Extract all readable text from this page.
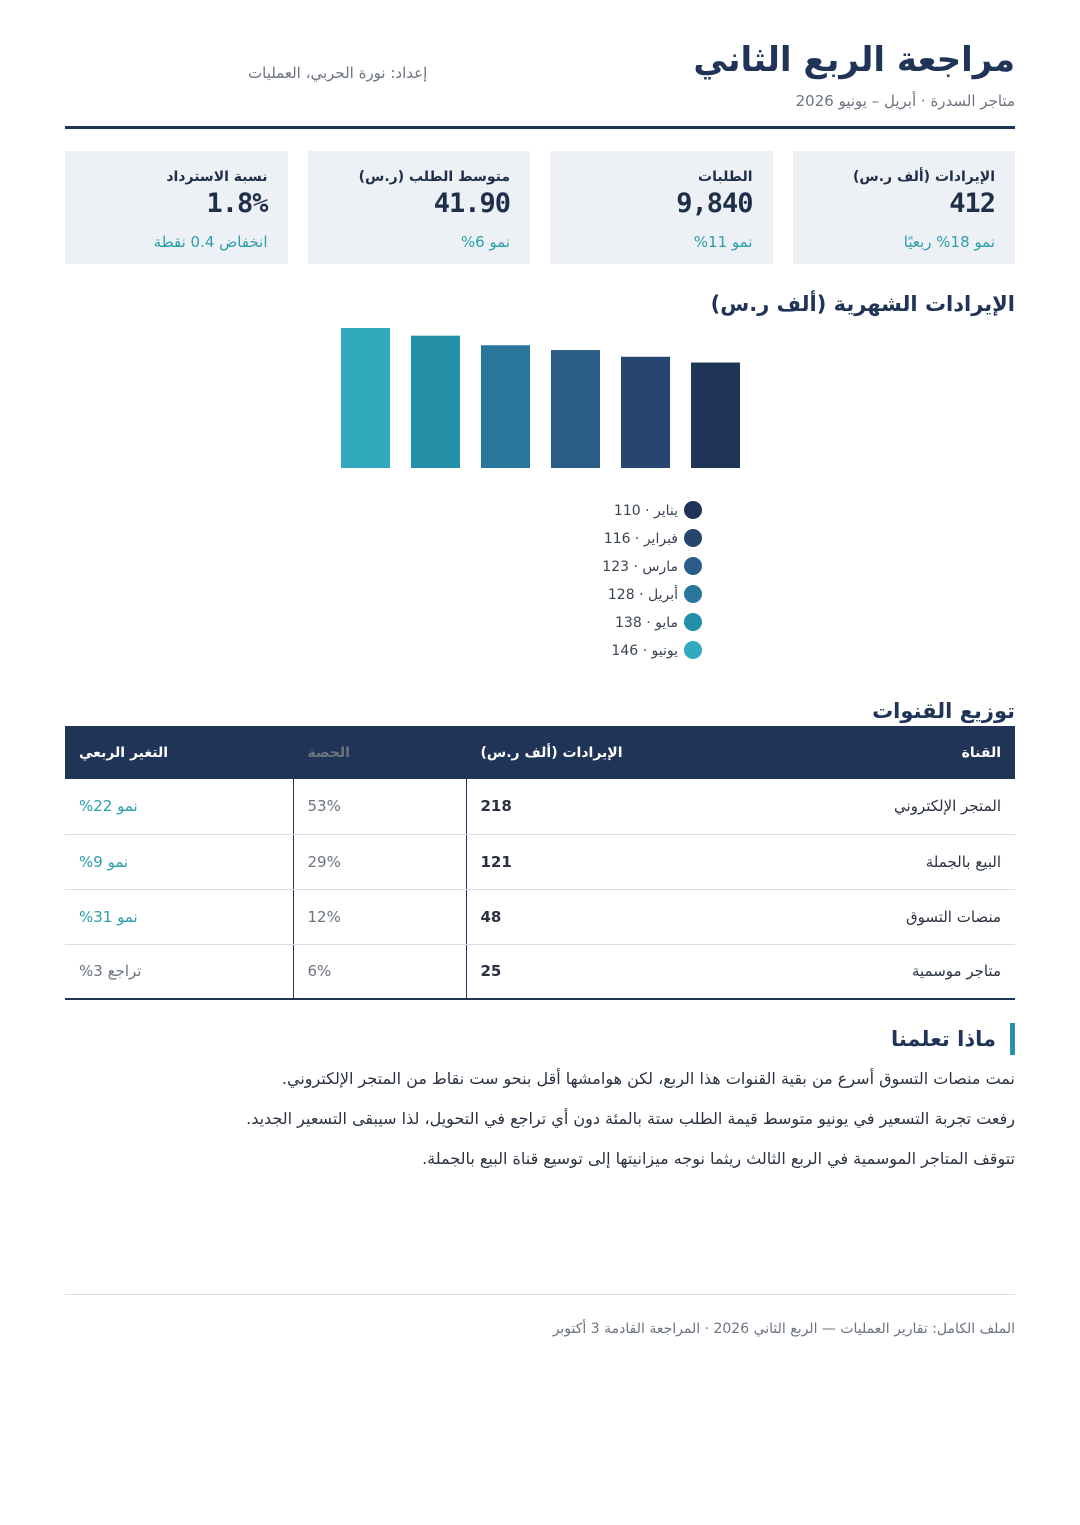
مراجعة الربع الثاني
متاجر السدرة · أبريل – يونيو 2026
إعداد: نورة الحربي، العمليات
الإيرادات (ألف ر.س)
412
نمو 18% ربعيًا
الطلبات
9,840
نمو 11%
متوسط الطلب (ر.س)
41.90
نمو 6%
نسبة الاسترداد
1.8%
انخفاض 0.4 نقطة
الإيرادات الشهرية (ألف ر.س)
يناير · 110
فبراير · 116
مارس · 123
أبريل · 128
مايو · 138
يونيو · 146
توزيع القنوات
القناة	الإيرادات (ألف ر.س)	الحصة	التغير الربعي
المتجر الإلكتروني	218	53%	نمو 22%
البيع بالجملة	121	29%	نمو 9%
منصات التسوق	48	12%	نمو 31%
متاجر موسمية	25	6%	تراجع 3%
ماذا تعلمنا
نمت منصات التسوق أسرع من بقية القنوات هذا الربع، لكن هوامشها أقل بنحو ست نقاط من المتجر الإلكتروني.
رفعت تجربة التسعير في يونيو متوسط قيمة الطلب ستة بالمئة دون أي تراجع في التحويل، لذا سيبقى التسعير الجديد.
تتوقف المتاجر الموسمية في الربع الثالث ريثما نوجه ميزانيتها إلى توسيع قناة البيع بالجملة.
الملف الكامل: تقارير العمليات — الربع الثاني 2026 · المراجعة القادمة 3 أكتوبر
